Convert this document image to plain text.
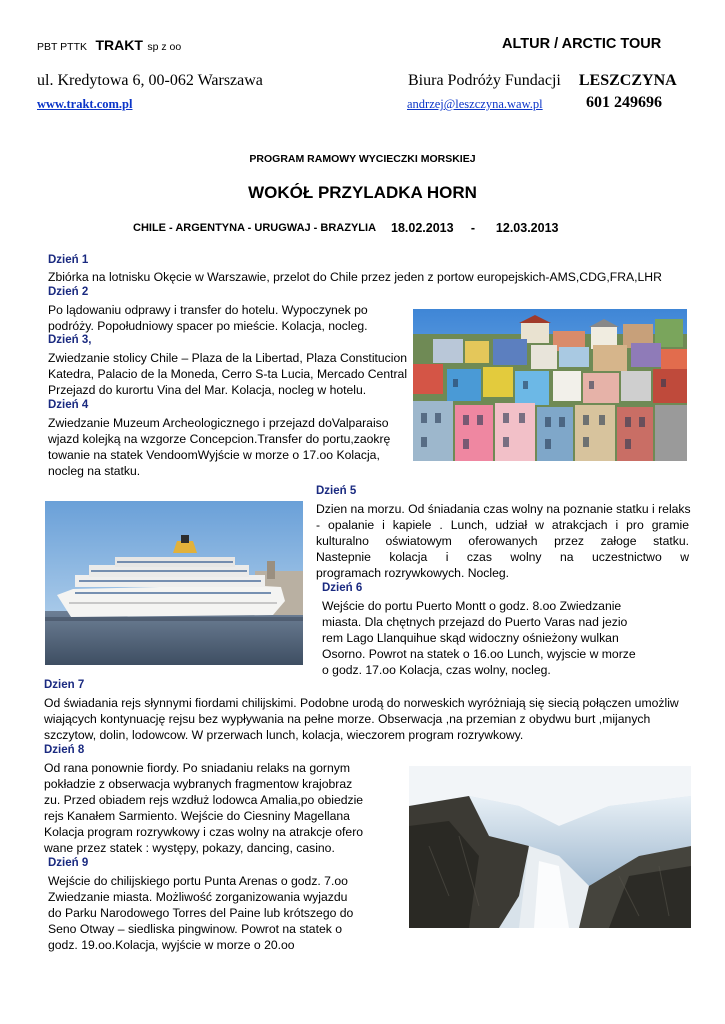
PBT PTTK TRAKT sp z oo	ALTUR / ARCTIC TOUR
ul. Kredytowa 6, 00-062 Warszawa	Biura Podróży Fundacji LESZCZYNA
www.trakt.com.pl	andrzej@leszczyna.waw.pl	601 249696
PROGRAM RAMOWY WYCIECZKI MORSKIEJ
WOKÓŁ PRZYLADKA HORN
CHILE - ARGENTYNA - URUGWAJ - BRAZYLIA 18.02.2013     -      12.03.2013
Dzień 1
Zbiórka na lotnisku Okęcie w Warszawie, przelot do Chile przez jeden z portow europejskich-AMS,CDG,FRA,LHR
Dzień 2
Po lądowaniu odprawy i transfer do hotelu. Wypoczynek po
podróży. Popołudniowy spacer po mieście. Kolacja, nocleg.
Dzień 3,
Zwiedzanie stolicy Chile – Plaza de la Libertad, Plaza Constitucion
Katedra, Palacio de la Moneda, Cerro S-ta Lucia, Mercado Central
Przejazd do kurortu Vina del Mar. Kolacja, nocleg w hotelu.
Dzień 4
Zwiedzanie Muzeum Archeologicznego i przejazd doValparaiso
wjazd kolejką na wzgorze Concepcion.Transfer do portu,zaokrę
towanie na statek VendoomWyjście w morze o 17.oo Kolacja,
nocleg na statku.
Dzień 5
Dzien na morzu. Od śniadania czas wolny na poznanie statku i relaks
- opalanie i kapiele . Lunch, udział w atrakcjach i pro gramie
kulturalno oświatowym oferowanych przez załoge statku.
Nastepnie kolacja i czas wolny na uczestnictwo w
programach rozrywkowych. Nocleg.
Dzień 6
Wejście do portu Puerto Montt o godz. 8.oo Zwiedzanie
miasta. Dla chętnych przejazd do Puerto Varas nad jezio
rem Lago Llanquihue skąd widoczny ośnieżony wulkan
Osorno. Powrot na statek o 16.oo Lunch, wyjscie w morze
o godz. 17.oo Kolacja, czas wolny, nocleg.
Dzien 7
Od świadania rejs słynnymi fiordami chilijskimi. Podobne urodą do norweskich wyróżniają się siecią połączen umożliw
wiających kontynuację rejsu bez wypływania na pełne morze. Obserwacja ,na przemian z obydwu burt ,mijanych
szczytow, dolin, lodowcow. W przerwach lunch, kolacja, wieczorem program rozrywkowy.
Dzień 8
Od rana ponownie fiordy. Po sniadaniu relaks na gornym
pokładzie z obserwacja wybranych fragmentow krajobraz
zu. Przed obiadem rejs wzdłuż lodowca Amalia,po obiedzie
rejs Kanałem Sarmiento. Wejście do Ciesniny Magellana
Kolacja program rozrywkowy i czas wolny na atrakcje ofero
wane przez statek : występy, pokazy, dancing, casino.
Dzień 9
Wejście do chilijskiego portu Punta Arenas o godz. 7.oo
Zwiedzanie miasta. Możliwość zorganizowania wyjazdu
do Parku Narodowego Torres del Paine lub krótszego do
Seno Otway – siedliska pingwinow. Powrot na statek o
godz. 19.oo.Kolacja, wyjście w morze o 20.oo
